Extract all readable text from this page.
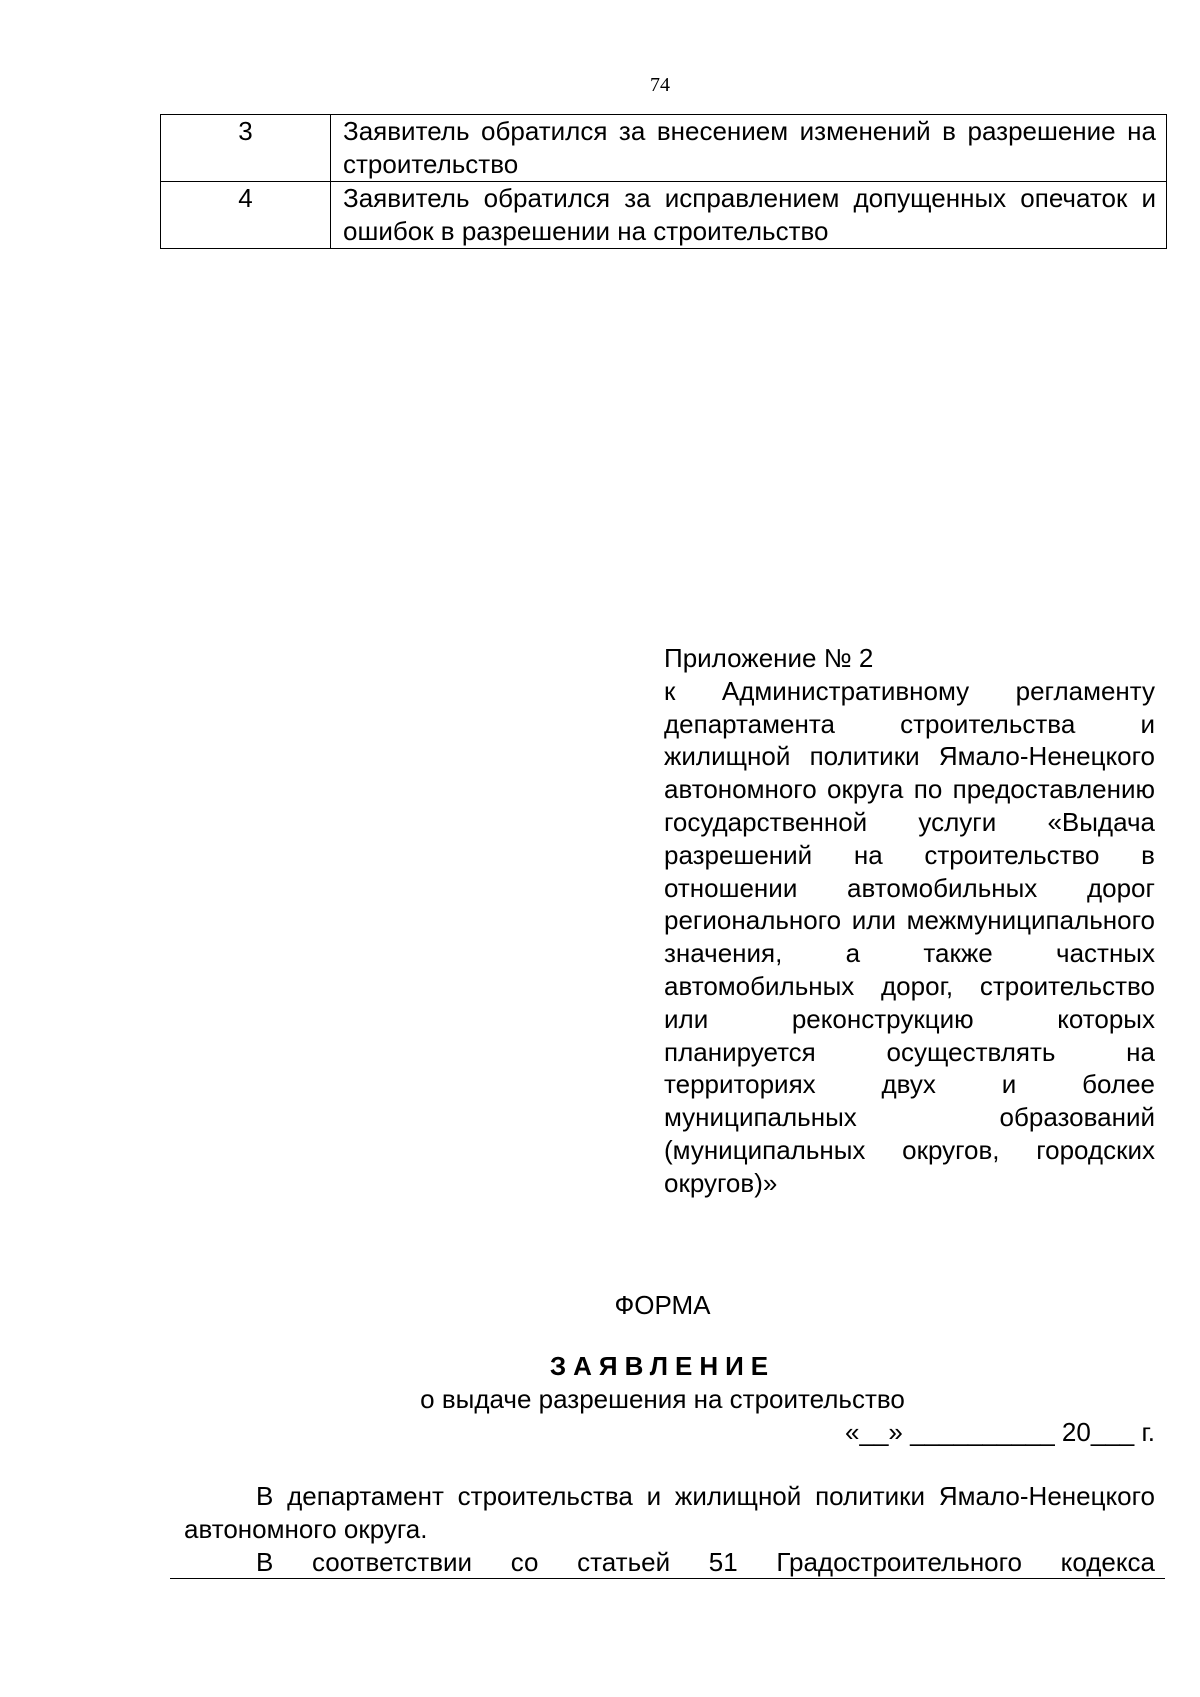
74
3	Заявитель обратился за внесением изменений в разрешение на строительство
4	Заявитель обратился за исправлением допущенных опечаток и ошибок в разрешении на строительство
Приложение № 2
к Административному регламенту департамента строительства и жилищной политики Ямало-Ненецкого автономного округа по предоставлению государственной услуги «Выдача разрешений на строительство в отношении автомобильных дорог регионального или межмуниципального значения, а также частных автомобильных дорог, строительство или реконструкцию которых планируется осуществлять на территориях двух и более муниципальных образований (муниципальных округов, городских округов)»
ФОРМА
ЗАЯВЛЕНИЕ
о выдаче разрешения на строительство
«__» __________ 20___ г.
В департамент строительства и жилищной политики Ямало-Ненецкого автономного округа.
В соответствии со статьей 51 Градостроительного кодекса
